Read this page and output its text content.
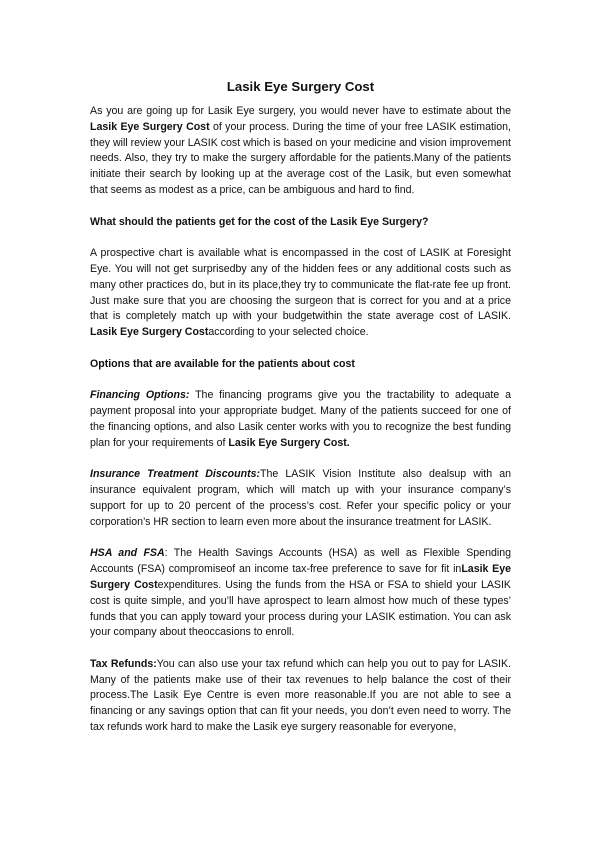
Lasik Eye Surgery Cost

As you are going up for Lasik Eye surgery, you would never have to estimate about the Lasik Eye Surgery Cost of your process. During the time of your free LASIK estimation, they will review your LASIK cost which is based on your medicine and vision improvement needs. Also, they try to make the surgery affordable for the patients.Many of the patients initiate their search by looking up at the average cost of the Lasik, but even somewhat that seems as modest as a price, can be ambiguous and hard to find.

What should the patients get for the cost of the Lasik Eye Surgery?

A prospective chart is available what is encompassed in the cost of LASIK at Foresight Eye. You will not get surprisedby any of the hidden fees or any additional costs such as many other practices do, but in its place,they try to communicate the flat-rate fee up front. Just make sure that you are choosing the surgeon that is correct for you and at a price that is completely match up with your budgetwithin the state average cost of LASIK. Lasik Eye Surgery Costaccording to your selected choice.

Options that are available for the patients about cost

Financing Options: The financing programs give you the tractability to adequate a payment proposal into your appropriate budget. Many of the patients succeed for one of the financing options, and also Lasik center works with you to recognize the best funding plan for your requirements of Lasik Eye Surgery Cost.

Insurance Treatment Discounts:The LASIK Vision Institute also dealsup with an insurance equivalent program, which will match up with your insurance company’s support for up to 20 percent of the process’s cost. Refer your specific policy or your corporation’s HR section to learn even more about the insurance treatment for LASIK.

HSA and FSA: The Health Savings Accounts (HSA) as well as Flexible Spending Accounts (FSA) compromiseof an income tax-free preference to save for fit inLasik Eye Surgery Costexpenditures. Using the funds from the HSA or FSA to shield your LASIK cost is quite simple, and you’ll have aprospect to learn almost how much of these types’ funds that you can apply toward your process during your LASIK estimation. You can ask your company about theoccasions to enroll.

Tax Refunds:You can also use your tax refund which can help you out to pay for LASIK. Many of the patients make use of their tax revenues to help balance the cost of their process.The Lasik Eye Centre is even more reasonable.If you are not able to see a financing or any savings option that can fit your needs, you don’t even need to worry. The tax refunds work hard to make the Lasik eye surgery reasonable for everyone,
